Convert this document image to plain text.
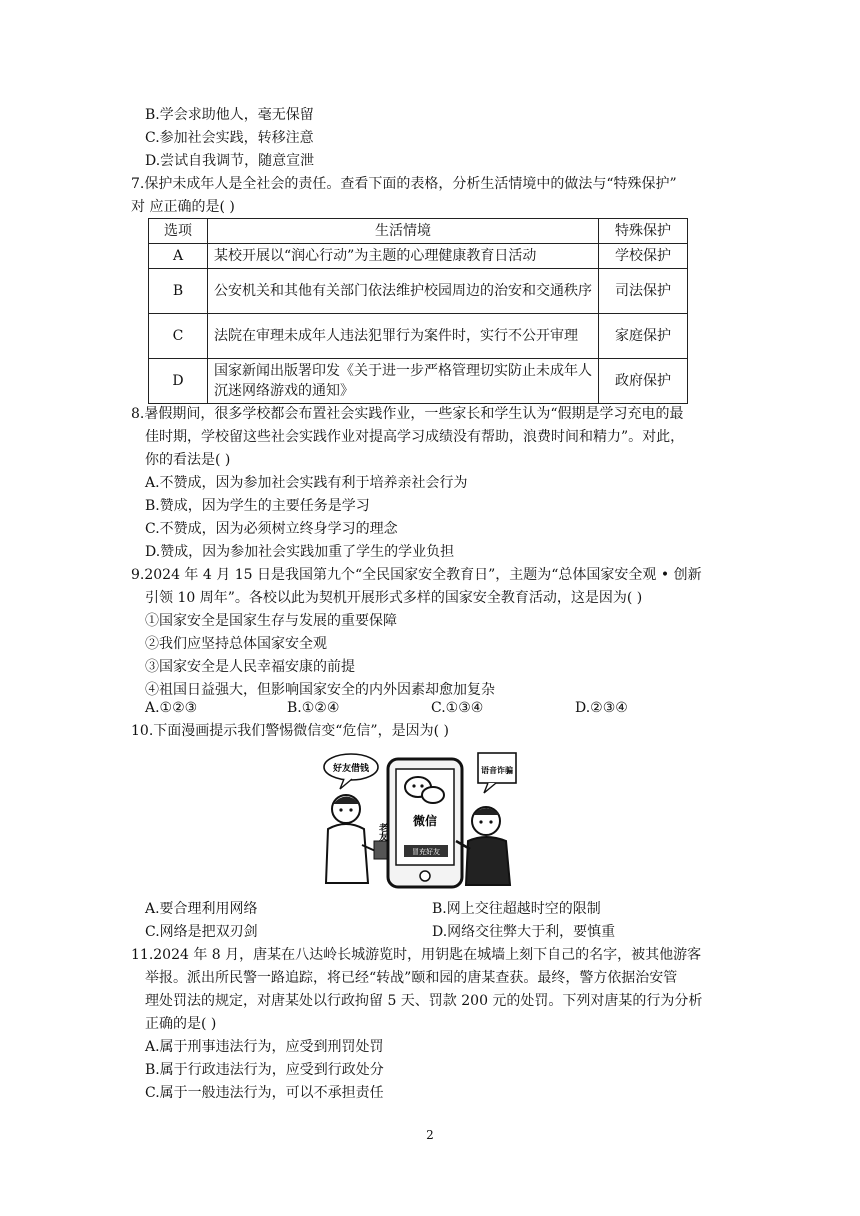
B.学会求助他人，毫无保留
C.参加社会实践，转移注意
D.尝试自我调节，随意宣泄
7.保护未成年人是全社会的责任。查看下面的表格，分析生活情境中的做法与“特殊保护”
对 应正确的是( )
选项	生活情境	特殊保护
A	某校开展以“润心行动”为主题的心理健康教育日活动	学校保护
B	公安机关和其他有关部门依法维护校园周边的治安和交通秩序	司法保护
C	法院在审理未成年人违法犯罪行为案件时，实行不公开审理	家庭保护
D	国家新闻出版署印发《关于进一步严格管理切实防止未成年人沉迷网络游戏的通知》	政府保护
8.暑假期间，很多学校都会布置社会实践作业，一些家长和学生认为“假期是学习充电的最
佳时期，学校留这些社会实践作业对提高学习成绩没有帮助，浪费时间和精力”。对此，
你的看法是( )
A.不赞成，因为参加社会实践有利于培养亲社会行为
B.赞成，因为学生的主要任务是学习
C.不赞成，因为必须树立终身学习的理念
D.赞成，因为参加社会实践加重了学生的学业负担
9.2024 年 4 月 15 日是我国第九个“全民国家安全教育日”，主题为“总体国家安全观 • 创新
引领 10 周年”。各校以此为契机开展形式多样的国家安全教育活动，这是因为( )
①国家安全是国家生存与发展的重要保障
②我们应坚持总体国家安全观
③国家安全是人民幸福安康的前提
④祖国日益强大，但影响国家安全的内外因素却愈加复杂
A.①②③	B.①②④	C.①③④	D.②③④
10.下面漫画提示我们警惕微信变“危信”，是因为( )
好友借钱
微信
冒充好友
老友
语音诈骗
A.要合理利用网络	B.网上交往超越时空的限制
C.网络是把双刃剑	D.网络交往弊大于利，要慎重
11.2024 年 8 月，唐某在八达岭长城游览时，用钥匙在城墙上刻下自己的名字，被其他游客
举报。派出所民警一路追踪，将已经“转战”颐和园的唐某查获。最终，警方依据治安管
理处罚法的规定，对唐某处以行政拘留 5 天、罚款 200 元的处罚。下列对唐某的行为分析
正确的是( )
A.属于刑事违法行为，应受到刑罚处罚
B.属于行政违法行为，应受到行政处分
C.属于一般违法行为，可以不承担责任
2
